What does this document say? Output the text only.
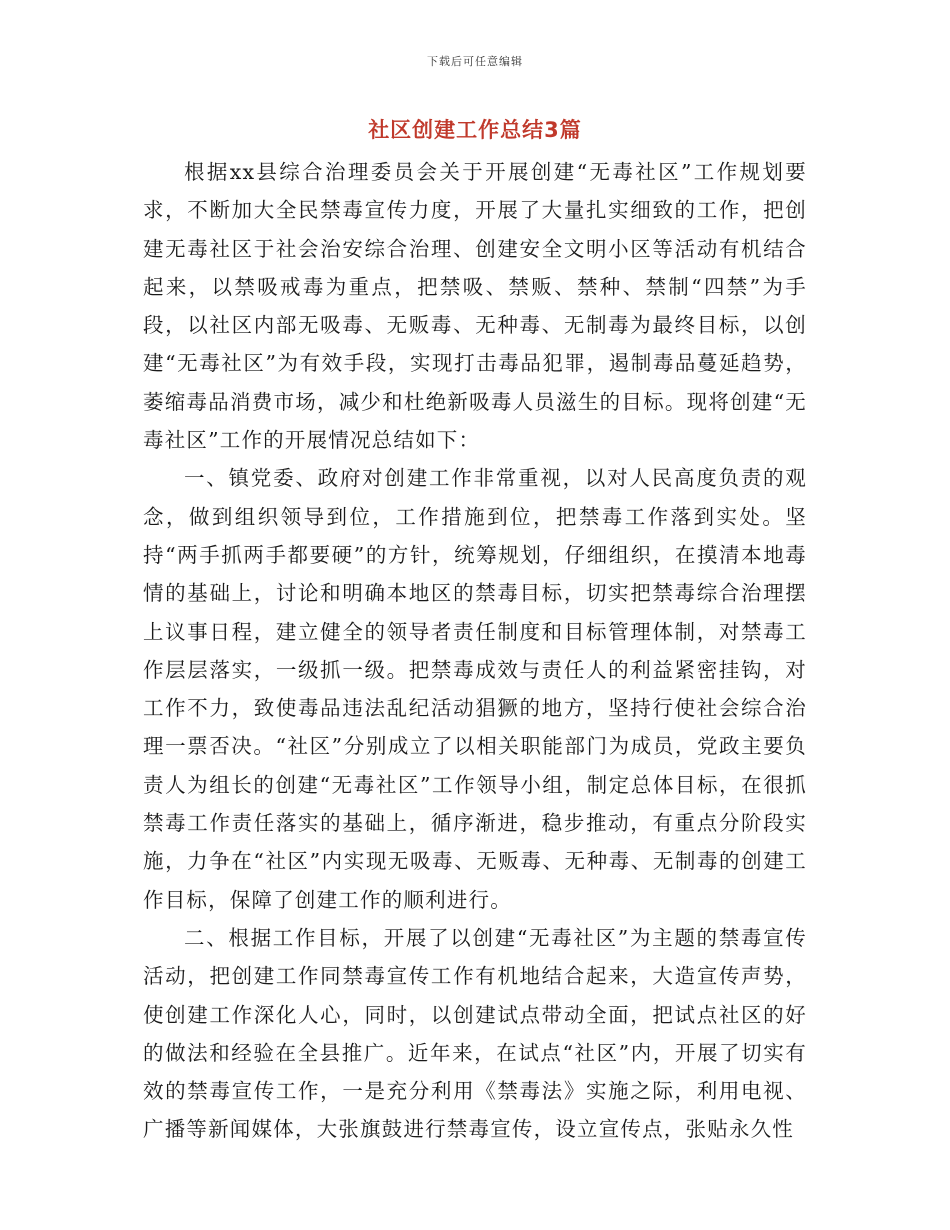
下载后可任意编辑
社区创建工作总结3篇

根据xx县综合治理委员会关于开展创建“无毒社区”工作规划要求，不断加大全民禁毒宣传力度，开展了大量扎实细致的工作，把创建无毒社区于社会治安综合治理、创建安全文明小区等活动有机结合起来，以禁吸戒毒为重点，把禁吸、禁贩、禁种、禁制“四禁”为手段，以社区内部无吸毒、无贩毒、无种毒、无制毒为最终目标，以创建“无毒社区”为有效手段，实现打击毒品犯罪，遏制毒品蔓延趋势，萎缩毒品消费市场，减少和杜绝新吸毒人员滋生的目标。现将创建“无毒社区”工作的开展情况总结如下：

一、镇党委、政府对创建工作非常重视，以对人民高度负责的观念，做到组织领导到位，工作措施到位，把禁毒工作落到实处。坚持“两手抓两手都要硬”的方针，统筹规划，仔细组织，在摸清本地毒情的基础上，讨论和明确本地区的禁毒目标，切实把禁毒综合治理摆上议事日程，建立健全的领导者责任制度和目标管理体制，对禁毒工作层层落实，一级抓一级。把禁毒成效与责任人的利益紧密挂钩，对工作不力，致使毒品违法乱纪活动猖獗的地方，坚持行使社会综合治理一票否决。“社区”分别成立了以相关职能部门为成员，党政主要负责人为组长的创建“无毒社区”工作领导小组，制定总体目标，在很抓禁毒工作责任落实的基础上，循序渐进，稳步推动，有重点分阶段实施，力争在“社区”内实现无吸毒、无贩毒、无种毒、无制毒的创建工作目标，保障了创建工作的顺利进行。

二、根据工作目标，开展了以创建“无毒社区”为主题的禁毒宣传活动，把创建工作同禁毒宣传工作有机地结合起来，大造宣传声势，使创建工作深化人心，同时，以创建试点带动全面，把试点社区的好的做法和经验在全县推广。近年来，在试点“社区”内，开展了切实有效的禁毒宣传工作，一是充分利用《禁毒法》实施之际，利用电视、广播等新闻媒体，大张旗鼓进行禁毒宣传，设立宣传点，张贴永久性
